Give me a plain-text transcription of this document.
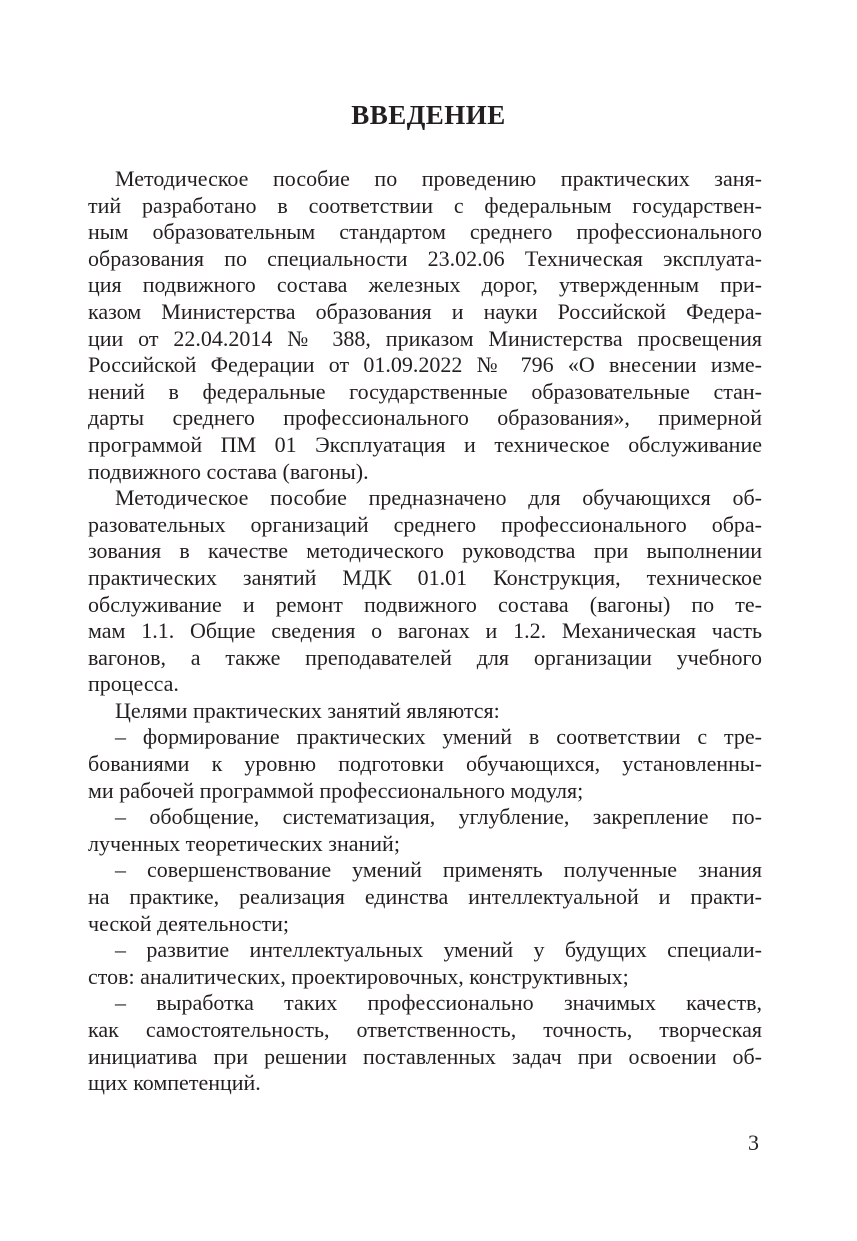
ВВЕДЕНИЕ
Методическое пособие по проведению практических заня-
тий разработано в соответствии с федеральным государствен-
ным образовательным стандартом среднего профессионального
образования по специальности 23.02.06 Техническая эксплуата-
ция подвижного состава железных дорог, утвержденным при-
казом Министерства образования и науки Российской Федера-
ции от 22.04.2014 № 388, приказом Министерства просвещения
Российской Федерации от 01.09.2022 № 796 «О внесении изме-
нений в федеральные государственные образовательные стан-
дарты среднего профессионального образования», примерной
программой ПМ 01 Эксплуатация и техническое обслуживание
подвижного состава (вагоны).
Методическое пособие предназначено для обучающихся об-
разовательных организаций среднего профессионального обра-
зования в качестве методического руководства при выполнении
практических занятий МДК 01.01 Конструкция, техническое
обслуживание и ремонт подвижного состава (вагоны) по те-
мам 1.1. Общие сведения о вагонах и 1.2. Механическая часть
вагонов, а также преподавателей для организации учебного
процесса.
Целями практических занятий являются:
– формирование практических умений в соответствии с тре-
бованиями к уровню подготовки обучающихся, установленны-
ми рабочей программой профессионального модуля;
– обобщение, систематизация, углубление, закрепление по-
лученных теоретических знаний;
– совершенствование умений применять полученные знания
на практике, реализация единства интеллектуальной и практи-
ческой деятельности;
– развитие интеллектуальных умений у будущих специали-
стов: аналитических, проектировочных, конструктивных;
– выработка таких профессионально значимых качеств,
как самостоятельность, ответственность, точность, творческая
инициатива при решении поставленных задач при освоении об-
щих компетенций.
3
